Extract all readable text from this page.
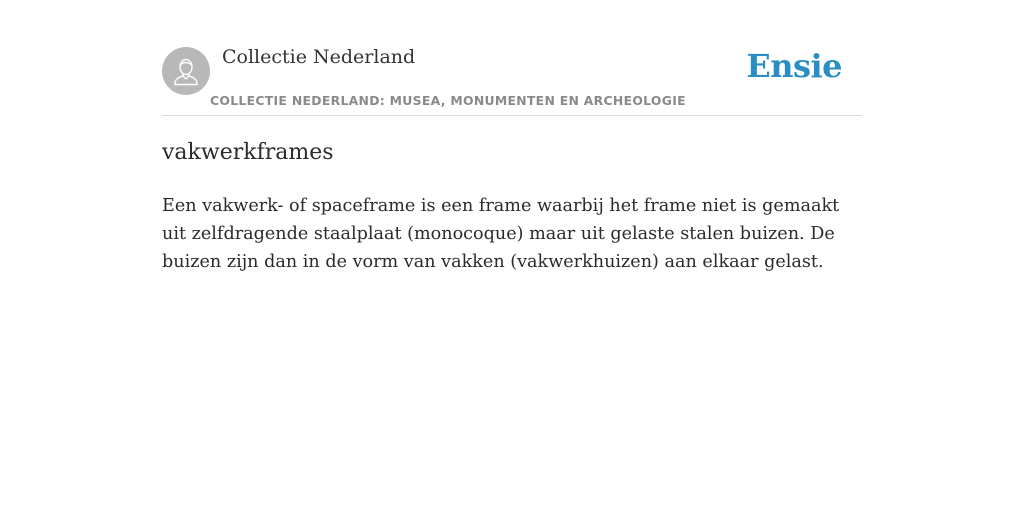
Collectie Nederland
COLLECTIE NEDERLAND: MUSEA, MONUMENTEN EN ARCHEOLOGIE
Ensie
vakwerkframes

Een vakwerk- of spaceframe is een frame waarbij het frame niet is gemaakt uit zelfdragende staalplaat (monocoque) maar uit gelaste stalen buizen. De buizen zijn dan in de vorm van vakken (vakwerkhuizen) aan elkaar gelast.
